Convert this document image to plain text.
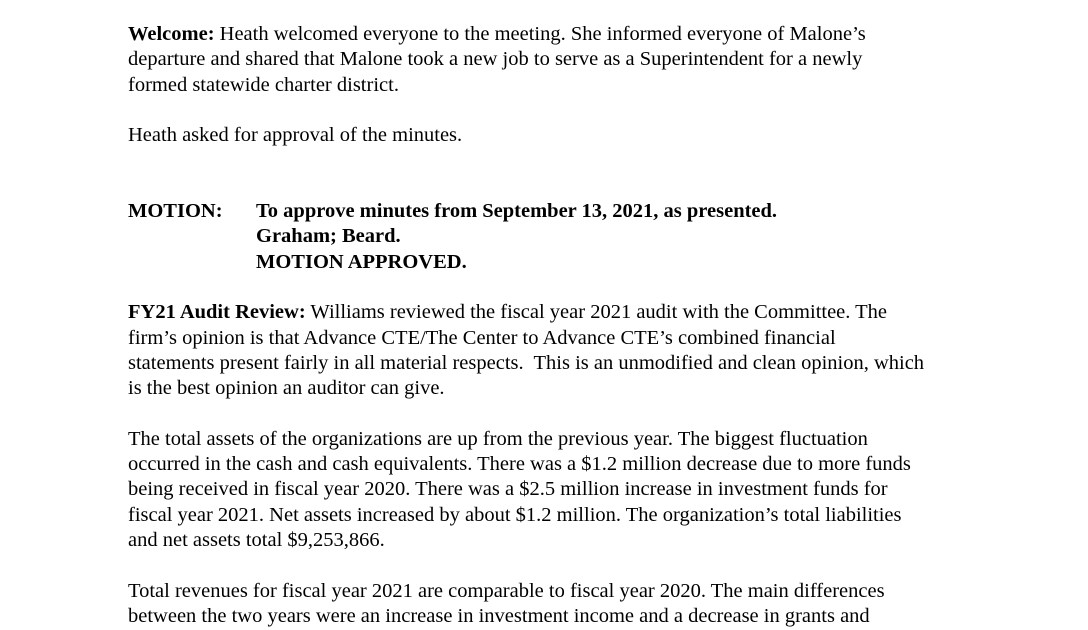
Welcome: Heath welcomed everyone to the meeting. She informed everyone of Malone’s
departure and shared that Malone took a new job to serve as a Superintendent for a newly
formed statewide charter district.

Heath asked for approval of the minutes.

MOTION: To approve minutes from September 13, 2021, as presented.
Graham; Beard.
MOTION APPROVED.

FY21 Audit Review: Williams reviewed the fiscal year 2021 audit with the Committee. The
firm’s opinion is that Advance CTE/The Center to Advance CTE’s combined financial
statements present fairly in all material respects.  This is an unmodified and clean opinion, which
is the best opinion an auditor can give.

The total assets of the organizations are up from the previous year. The biggest fluctuation
occurred in the cash and cash equivalents. There was a $1.2 million decrease due to more funds
being received in fiscal year 2020. There was a $2.5 million increase in investment funds for
fiscal year 2021. Net assets increased by about $1.2 million. The organization’s total liabilities
and net assets total $9,253,866.

Total revenues for fiscal year 2021 are comparable to fiscal year 2020. The main differences
between the two years were an increase in investment income and a decrease in grants and
